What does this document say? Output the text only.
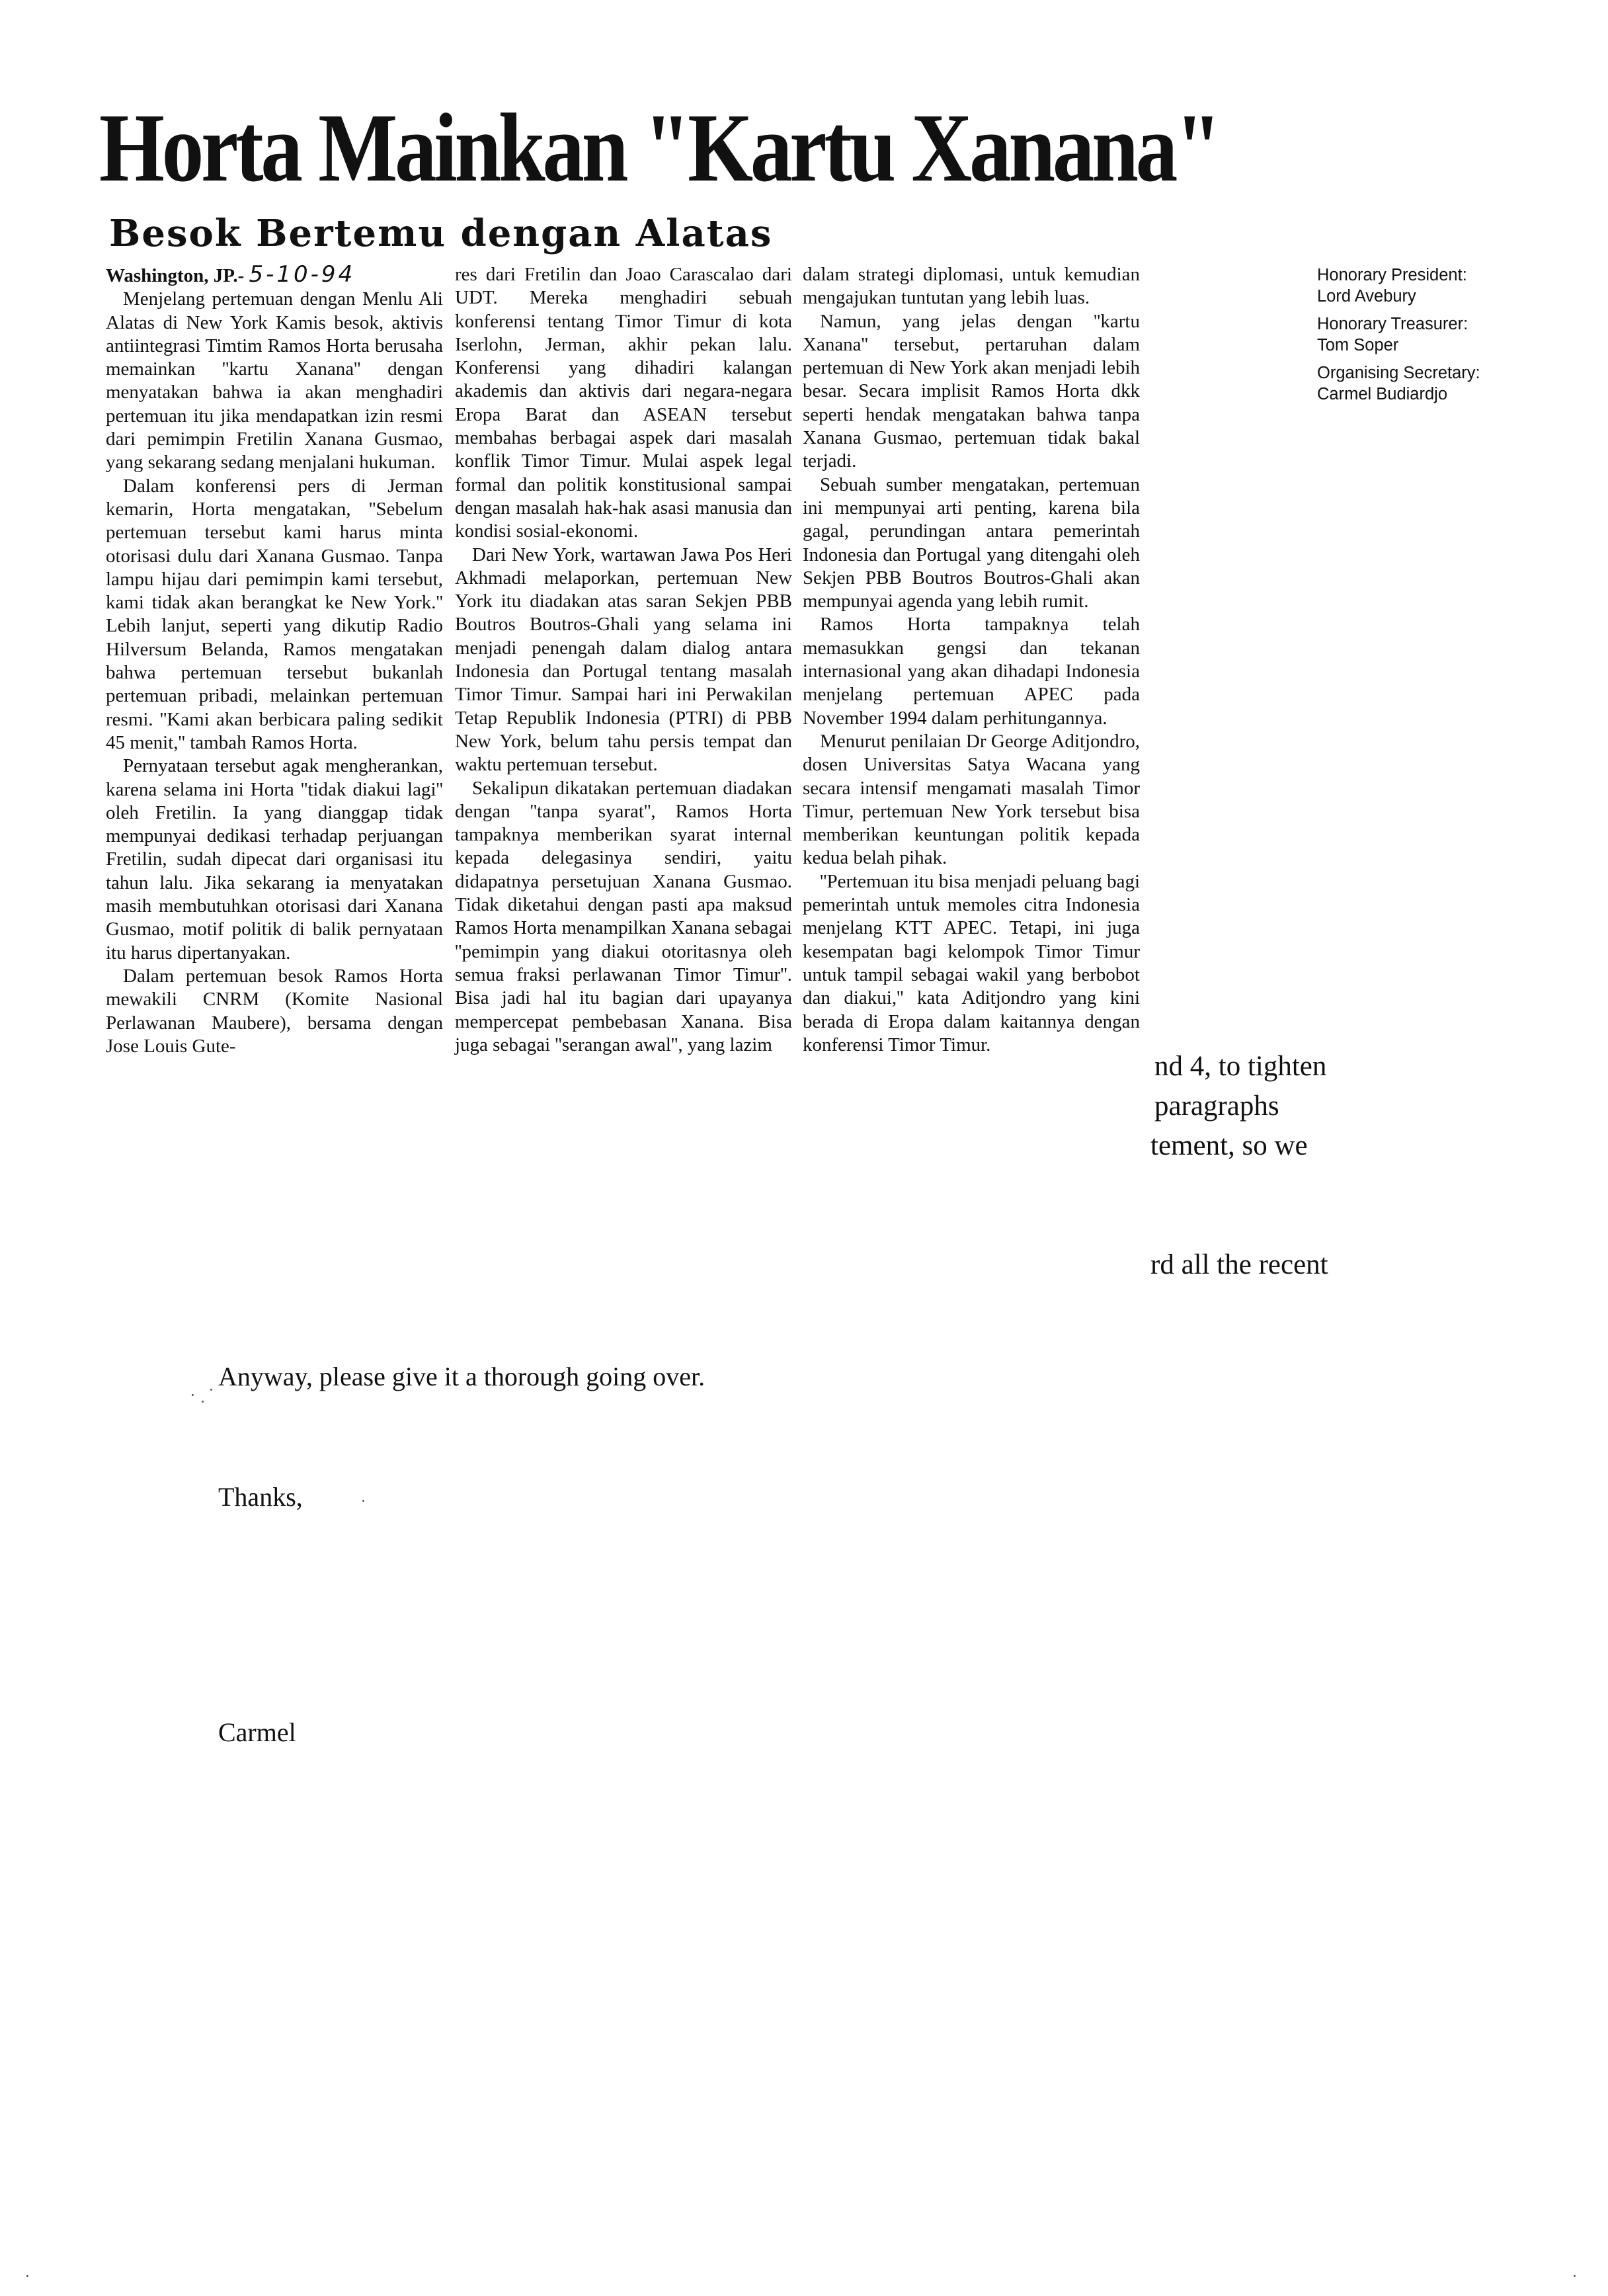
Horta Mainkan "Kartu Xanana"
Besok Bertemu dengan Alatas

Washington, JP.- 5-10-94

Menjelang pertemuan dengan Menlu Ali Alatas di New York Kamis besok, aktivis antiintegrasi Timtim Ramos Horta berusaha memainkan ''kartu Xanana'' dengan menyatakan bahwa ia akan menghadiri pertemuan itu jika mendapatkan izin resmi dari pemimpin Fretilin Xanana Gusmao, yang sekarang sedang menjalani hukuman.

Dalam konferensi pers di Jerman kemarin, Horta mengatakan, ''Sebelum pertemuan tersebut kami harus minta otorisasi dulu dari Xanana Gusmao. Tanpa lampu hijau dari pemimpin kami tersebut, kami tidak akan berangkat ke New York.'' Lebih lanjut, seperti yang dikutip Radio Hilversum Belanda, Ramos mengatakan bahwa pertemuan tersebut bukanlah pertemuan pribadi, melainkan pertemuan resmi. ''Kami akan berbicara paling sedikit 45 menit,'' tambah Ramos Horta.

Pernyataan tersebut agak mengherankan, karena selama ini Horta ''tidak diakui lagi'' oleh Fretilin. Ia yang dianggap tidak mempunyai dedikasi terhadap perjuangan Fretilin, sudah dipecat dari organisasi itu tahun lalu. Jika sekarang ia menyatakan masih membutuhkan otorisasi dari Xanana Gusmao, motif politik di balik pernyataan itu harus dipertanyakan.

Dalam pertemuan besok Ramos Horta mewakili CNRM (Komite Nasional Perlawanan Maubere), bersama dengan Jose Louis Gute-

res dari Fretilin dan Joao Carascalao dari UDT. Mereka menghadiri sebuah konferensi tentang Timor Timur di kota Iserlohn, Jerman, akhir pekan lalu. Konferensi yang dihadiri kalangan akademis dan aktivis dari negara-negara Eropa Barat dan ASEAN tersebut membahas berbagai aspek dari masalah konflik Timor Timur. Mulai aspek legal formal dan politik konstitusional sampai dengan masalah hak-hak asasi manusia dan kondisi sosial-ekonomi.

Dari New York, wartawan Jawa Pos Heri Akhmadi melaporkan, pertemuan New York itu diadakan atas saran Sekjen PBB Boutros Boutros-Ghali yang selama ini menjadi penengah dalam dialog antara Indonesia dan Portugal tentang masalah Timor Timur. Sampai hari ini Perwakilan Tetap Republik Indonesia (PTRI) di PBB New York, belum tahu persis tempat dan waktu pertemuan tersebut.

Sekalipun dikatakan pertemuan diadakan dengan ''tanpa syarat'', Ramos Horta tampaknya memberikan syarat internal kepada delegasinya sendiri, yaitu didapatnya persetujuan Xanana Gusmao. Tidak diketahui dengan pasti apa maksud Ramos Horta menampilkan Xanana sebagai ''pemimpin yang diakui otoritasnya oleh semua fraksi perlawanan Timor Timur''. Bisa jadi hal itu bagian dari upayanya mempercepat pembebasan Xanana. Bisa juga sebagai ''serangan awal'', yang lazim

dalam strategi diplomasi, untuk kemudian mengajukan tuntutan yang lebih luas.

Namun, yang jelas dengan ''kartu Xanana'' tersebut, pertaruhan dalam pertemuan di New York akan menjadi lebih besar. Secara implisit Ramos Horta dkk seperti hendak mengatakan bahwa tanpa Xanana Gusmao, pertemuan tidak bakal terjadi.

Sebuah sumber mengatakan, pertemuan ini mempunyai arti penting, karena bila gagal, perundingan antara pemerintah Indonesia dan Portugal yang ditengahi oleh Sekjen PBB Boutros Boutros-Ghali akan mempunyai agenda yang lebih rumit.

Ramos Horta tampaknya telah memasukkan gengsi dan tekanan internasional yang akan dihadapi Indonesia menjelang pertemuan APEC pada November 1994 dalam perhitungannya.

Menurut penilaian Dr George Aditjondro, dosen Universitas Satya Wacana yang secara intensif mengamati masalah Timor Timur, pertemuan New York tersebut bisa memberikan keuntungan politik kepada kedua belah pihak.

''Pertemuan itu bisa menjadi peluang bagi pemerintah untuk memoles citra Indonesia menjelang KTT APEC. Tetapi, ini juga kesempatan bagi kelompok Timor Timur untuk tampil sebagai wakil yang berbobot dan diakui,'' kata Aditjondro yang kini berada di Eropa dalam kaitannya dengan konferensi Timor Timur.

Honorary President:
Lord Avebury
Honorary Treasurer:
Tom Soper
Organising Secretary:
Carmel Budiardjo
nd 4, to tighten
paragraphs
tement, so we
rd all the recent
Anyway, please give it a thorough going over.
Thanks,
Carmel
